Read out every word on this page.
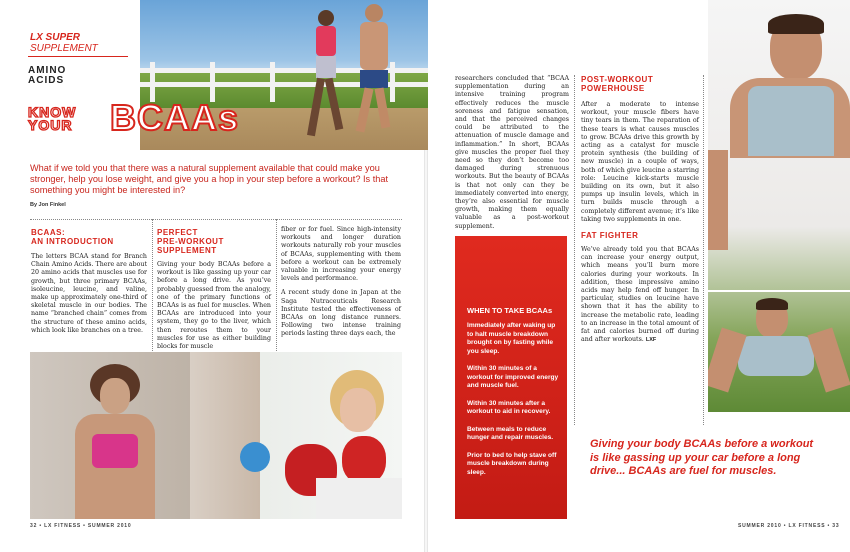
LX SUPER
SUPPLEMENT
AMINO
ACIDS
KNOW
YOUR BCAAs
What if we told you that there was a natural supplement available that could make you stronger, help you lose weight, and give you a hop in your step before a workout? Is that something you might be interested in?
By Jon Finkel
BCAAS:
AN INTRODUCTION
The letters BCAA stand for Branch Chain Amino Acids. There are about 20 amino acids that muscles use for growth, but three primary BCAAs, isoleucine, leucine, and valine, make up approximately one-third of skeletal muscle in our bodies. The name “branched chain” comes from the structure of these amino acids, which look like branches on a tree.
PERFECT
PRE-WORKOUT
SUPPLEMENT
Giving your body BCAAs before a workout is like gassing up your car before a long drive. As you’ve probably guessed from the analogy, one of the primary functions of BCAAs is as fuel for muscles. When BCAAs are introduced into your system, they go to the liver, which then reroutes them to your muscles for use as either building blocks for muscle
fiber or for fuel. Since high-intensity workouts and longer duration workouts naturally rob your muscles of BCAAs, supplementing with them before a workout can be extremely valuable in increasing your energy levels and performance.
A recent study done in Japan at the Saga Nutraceuticals Research Institute tested the effectiveness of BCAAs on long distance runners. Following two intense training periods lasting three days each, the
researchers concluded that “BCAA supplementation during an intensive training program effectively reduces the muscle soreness and fatigue sensation, and that the perceived changes could be attributed to the attenuation of muscle damage and inflammation.” In short, BCAAs give muscles the proper fuel they need so they don’t become too damaged during strenuous workouts. But the beauty of BCAAs is that not only can they be immediately converted into energy, they’re also essential for muscle growth, making them equally valuable as a post-workout supplement.
WHEN TO TAKE BCAAs
Immediately after waking up to halt muscle breakdown brought on by fasting while you sleep.
Within 30 minutes of a workout for improved energy and muscle fuel.
Within 30 minutes after a workout to aid in recovery.
Between meals to reduce hunger and repair muscles.
Prior to bed to help stave off muscle breakdown during sleep.
POST-WORKOUT
POWERHOUSE
After a moderate to intense workout, your muscle fibers have tiny tears in them. The reparation of these tears is what causes muscles to grow. BCAAs drive this growth by acting as a catalyst for muscle protein synthesis (the building of new muscle) in a couple of ways, both of which give leucine a starring role: Leucine kick-starts muscle building on its own, but it also pumps up insulin levels, which in turn builds muscle through a completely different avenue; it’s like taking two supplements in one.
FAT FIGHTER
We’ve already told you that BCAAs can increase your energy output, which means you’ll burn more calories during your workouts. In addition, these impressive amino acids may help fend off hunger. In particular, studies on leucine have shown that it has the ability to increase the metabolic rate, leading to an increase in the total amount of fat and calories burned off during and after workouts. LXF
Giving your body BCAAs before a workout is like gassing up your car before a long drive... BCAAs are fuel for muscles.
32 • LX FITNESS • SUMMER 2010	SUMMER 2010 • LX FITNESS • 33
